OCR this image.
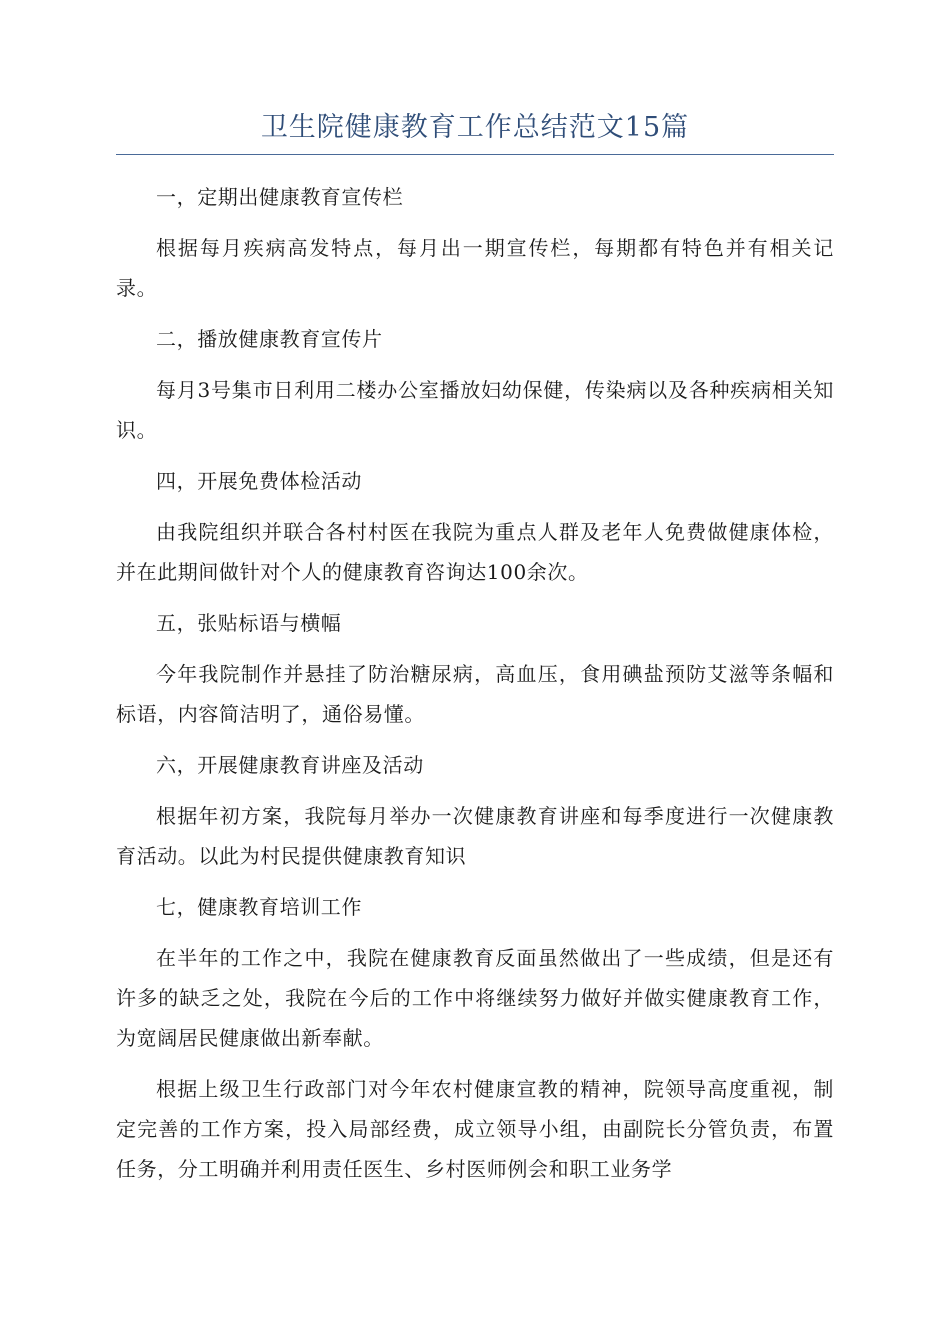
卫生院健康教育工作总结范文15篇

一，定期出健康教育宣传栏

根据每月疾病高发特点，每月出一期宣传栏，每期都有特色并有相关记录。

二，播放健康教育宣传片

每月3号集市日利用二楼办公室播放妇幼保健，传染病以及各种疾病相关知识。

四，开展免费体检活动

由我院组织并联合各村村医在我院为重点人群及老年人免费做健康体检，并在此期间做针对个人的健康教育咨询达100余次。

五，张贴标语与横幅

今年我院制作并悬挂了防治糖尿病，高血压，食用碘盐预防艾滋等条幅和标语，内容简洁明了，通俗易懂。

六，开展健康教育讲座及活动

根据年初方案，我院每月举办一次健康教育讲座和每季度进行一次健康教育活动。以此为村民提供健康教育知识

七，健康教育培训工作

在半年的工作之中，我院在健康教育反面虽然做出了一些成绩，但是还有许多的缺乏之处，我院在今后的工作中将继续努力做好并做实健康教育工作，为宽阔居民健康做出新奉献。

根据上级卫生行政部门对今年农村健康宣教的精神，院领导高度重视，制定完善的工作方案，投入局部经费，成立领导小组，由副院长分管负责，布置任务，分工明确并利用责任医生、乡村医师例会和职工业务学
